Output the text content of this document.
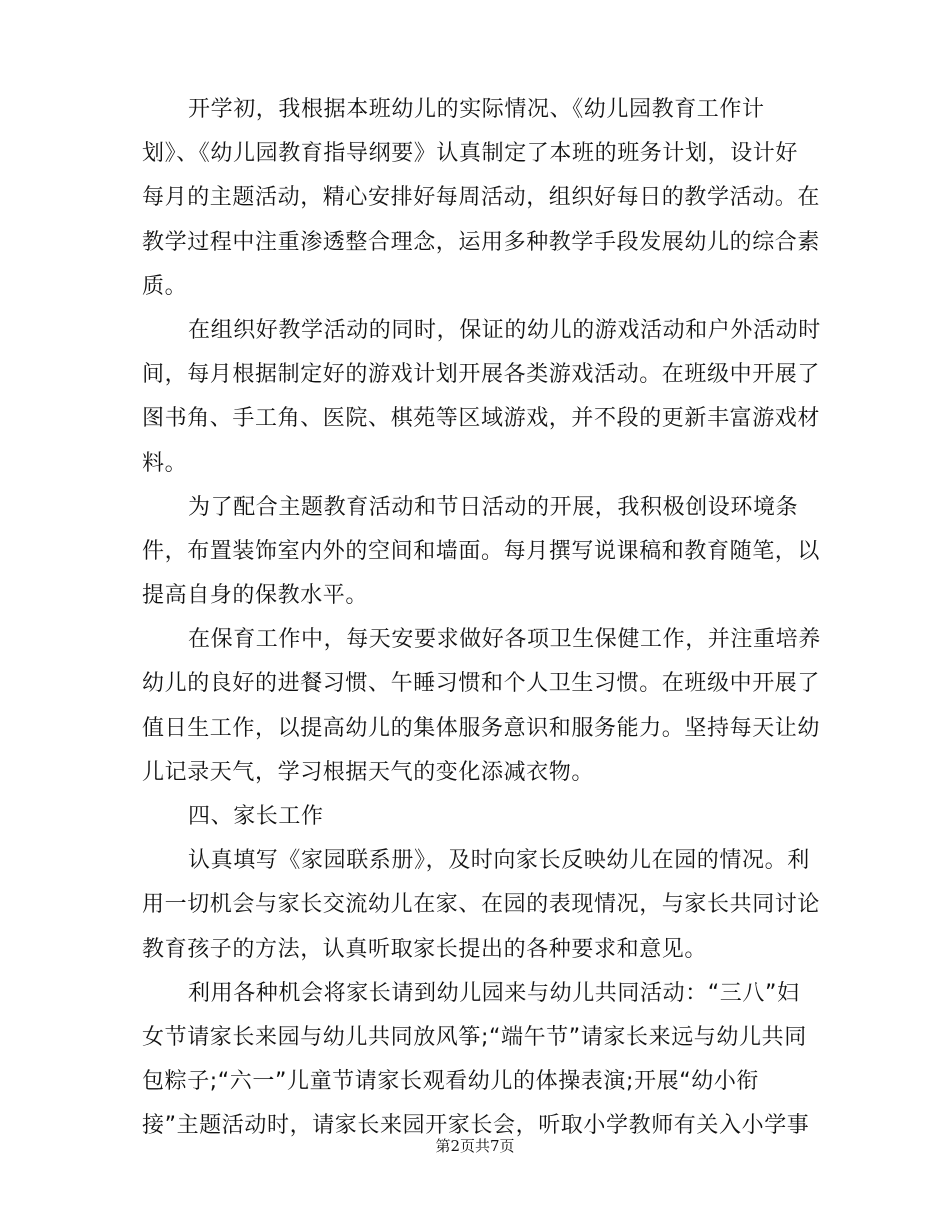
开学初，我根据本班幼儿的实际情况、《幼儿园教育工作计
划》、《幼儿园教育指导纲要》认真制定了本班的班务计划，设计好
每月的主题活动，精心安排好每周活动，组织好每日的教学活动。在
教学过程中注重渗透整合理念，运用多种教学手段发展幼儿的综合素
质。
在组织好教学活动的同时，保证的幼儿的游戏活动和户外活动时
间，每月根据制定好的游戏计划开展各类游戏活动。在班级中开展了
图书角、手工角、医院、棋苑等区域游戏，并不段的更新丰富游戏材
料。
为了配合主题教育活动和节日活动的开展，我积极创设环境条
件，布置装饰室内外的空间和墙面。每月撰写说课稿和教育随笔，以
提高自身的保教水平。
在保育工作中，每天安要求做好各项卫生保健工作，并注重培养
幼儿的良好的进餐习惯、午睡习惯和个人卫生习惯。在班级中开展了
值日生工作，以提高幼儿的集体服务意识和服务能力。坚持每天让幼
儿记录天气，学习根据天气的变化添减衣物。
四、家长工作
认真填写《家园联系册》，及时向家长反映幼儿在园的情况。利
用一切机会与家长交流幼儿在家、在园的表现情况，与家长共同讨论
教育孩子的方法，认真听取家长提出的各种要求和意见。
利用各种机会将家长请到幼儿园来与幼儿共同活动：“三八”妇
女节请家长来园与幼儿共同放风筝;“端午节”请家长来远与幼儿共同
包粽子;“六一”儿童节请家长观看幼儿的体操表演;开展“幼小衔
接”主题活动时，请家长来园开家长会，听取小学教师有关入小学事
第2页共7页
